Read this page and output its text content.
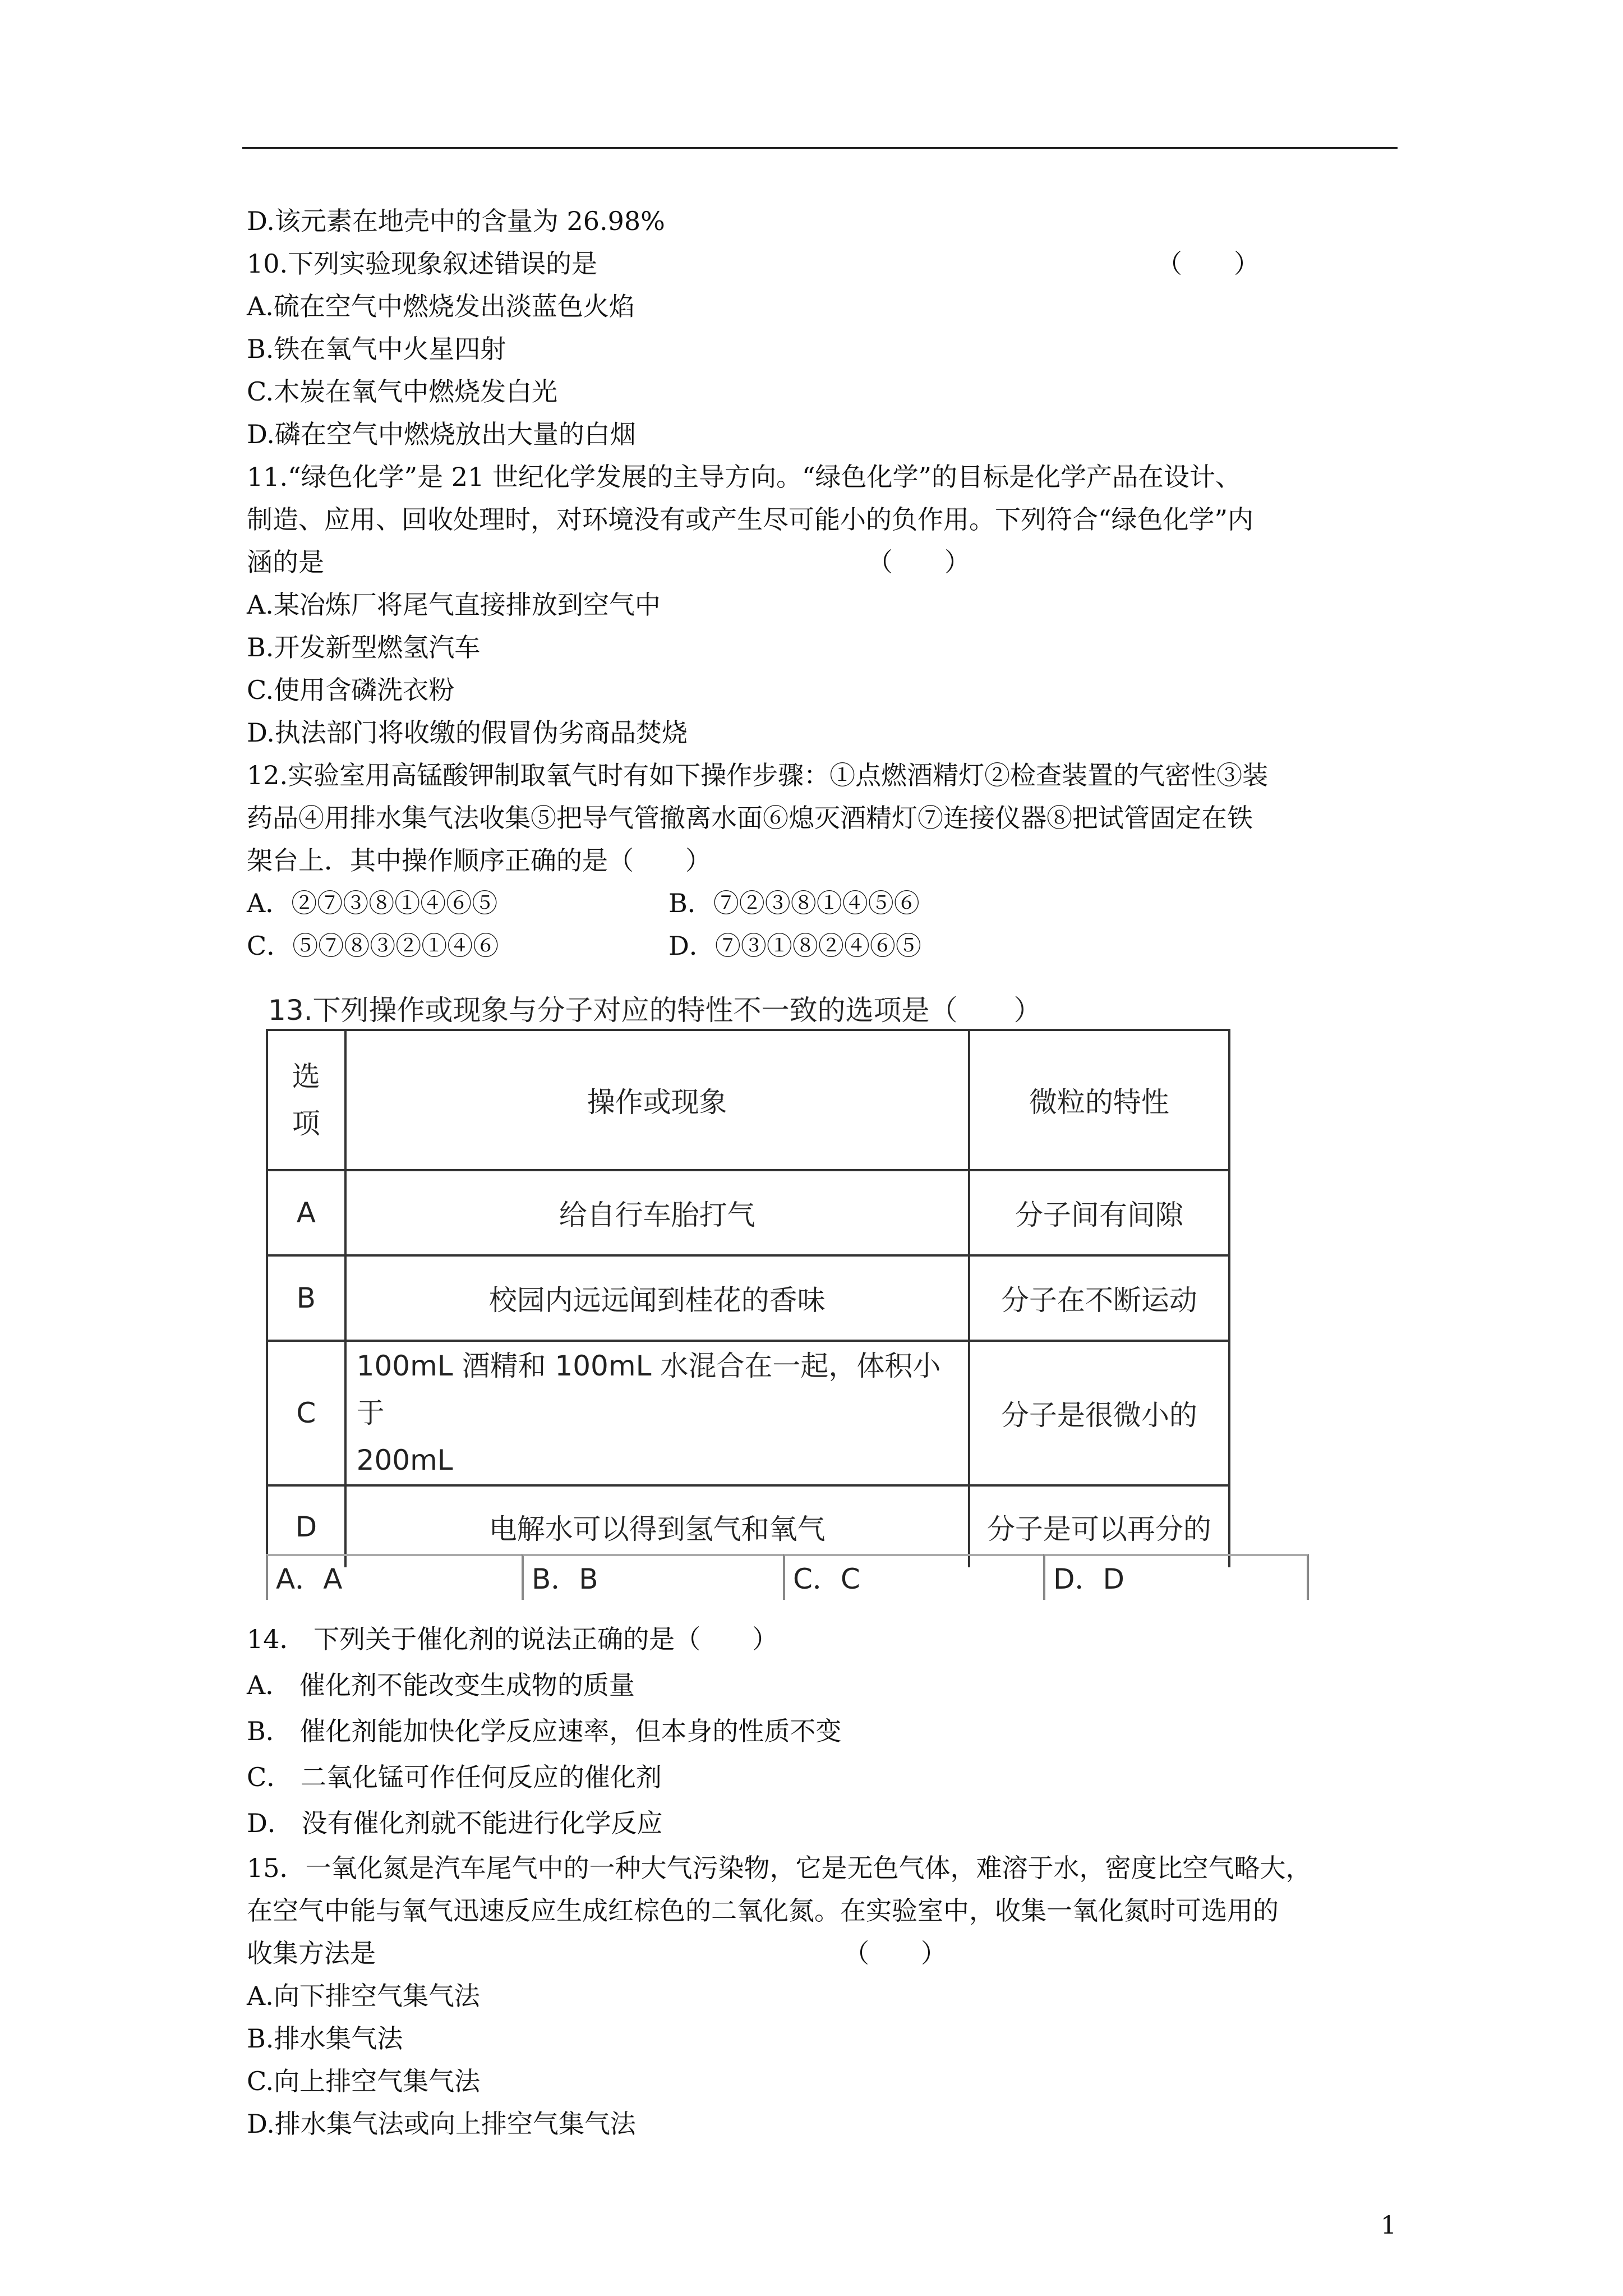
D.该元素在地壳中的含量为 26.98%
10.下列实验现象叙述错误的是	（　　）
A.硫在空气中燃烧发出淡蓝色火焰
B.铁在氧气中火星四射
C.木炭在氧气中燃烧发白光
D.磷在空气中燃烧放出大量的白烟
11.“绿色化学”是 21 世纪化学发展的主导方向。“绿色化学”的目标是化学产品在设计、
制造、应用、回收处理时，对环境没有或产生尽可能小的负作用。下列符合“绿色化学”内
涵的是	（　　）
A.某冶炼厂将尾气直接排放到空气中
B.开发新型燃氢汽车
C.使用含磷洗衣粉
D.执法部门将收缴的假冒伪劣商品焚烧
12.实验室用高锰酸钾制取氧气时有如下操作步骤：①点燃酒精灯②检查装置的气密性③装
药品④用排水集气法收集⑤把导气管撤离水面⑥熄灭酒精灯⑦连接仪器⑧把试管固定在铁
架台上．其中操作顺序正确的是（　　）
A．②⑦③⑧①④⑥⑤	B．⑦②③⑧①④⑤⑥
C．⑤⑦⑧③②①④⑥	D．⑦③①⑧②④⑥⑤
13.下列操作或现象与分子对应的特性不一致的选项是（　　）
选
项	操作或现象	微粒的特性
A	给自行车胎打气	分子间有间隙
B	校园内远远闻到桂花的香味	分子在不断运动
C	100mL 酒精和 100mL 水混合在一起，体积小于
200mL	分子是很微小的
D	电解水可以得到氢气和氧气	分子是可以再分的
A．A	B．B	C．C	D．D
14． 下列关于催化剂的说法正确的是（　　）
A． 催化剂不能改变生成物的质量
B． 催化剂能加快化学反应速率，但本身的性质不变
C． 二氧化锰可作任何反应的催化剂
D． 没有催化剂就不能进行化学反应
15．一氧化氮是汽车尾气中的一种大气污染物，它是无色气体，难溶于水，密度比空气略大，
在空气中能与氧气迅速反应生成红棕色的二氧化氮。在实验室中，收集一氧化氮时可选用的
收集方法是	（　　）
A.向下排空气集气法
B.排水集气法
C.向上排空气集气法
D.排水集气法或向上排空气集气法
1
